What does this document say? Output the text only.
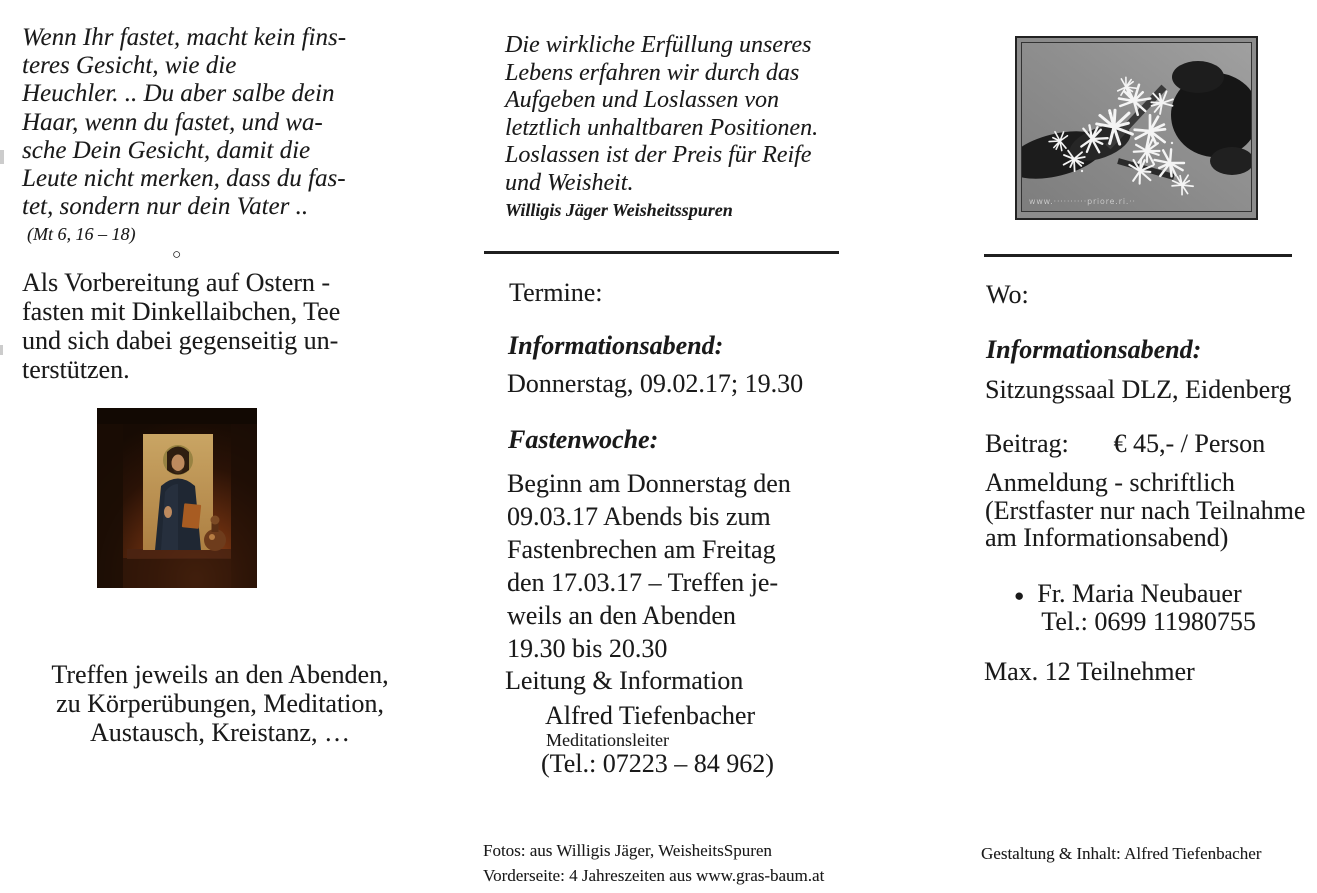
Wenn Ihr fastet, macht kein fins-
teres Gesicht, wie die
Heuchler. .. Du aber salbe dein
Haar, wenn du fastet, und wa-
sche Dein Gesicht, damit die
Leute nicht merken, dass du fas-
tet, sondern nur dein Vater ..
(Mt 6, 16 – 18)
○
Als Vorbereitung auf Ostern -
fasten mit Dinkellaibchen, Tee
und sich dabei gegenseitig un-
terstützen.
Treffen jeweils an den Abenden,
zu Körperübungen, Meditation,
Austausch, Kreistanz, …
Die wirkliche Erfüllung unseres
Lebens erfahren wir durch das
Aufgeben und Loslassen von
letztlich unhaltbaren Positionen.
Loslassen ist der Preis für Reife
und Weisheit.
Willigis Jäger Weisheitsspuren
Termine:
Informationsabend:
Donnerstag, 09.02.17; 19.30
Fastenwoche:
Beginn am Donnerstag den
09.03.17 Abends bis zum
Fastenbrechen am Freitag
den 17.03.17 – Treffen je-
weils an den Abenden
19.30 bis 20.30
Leitung & Information
Alfred Tiefenbacher
Meditationsleiter
(Tel.: 07223 – 84 962)
Fotos: aus Willigis Jäger, WeisheitsSpuren
Vorderseite: 4 Jahreszeiten aus www.gras-baum.at
www.··········priore.ri.··
Wo:
Informationsabend:
Sitzungssaal DLZ, Eidenberg
Beitrag: € 45,- / Person
Anmeldung - schriftlich
(Erstfaster nur nach Teilnahme
am Informationsabend)
● Fr. Maria Neubauer
Tel.: 0699 11980755
Max. 12 Teilnehmer
Gestaltung & Inhalt: Alfred Tiefenbacher
